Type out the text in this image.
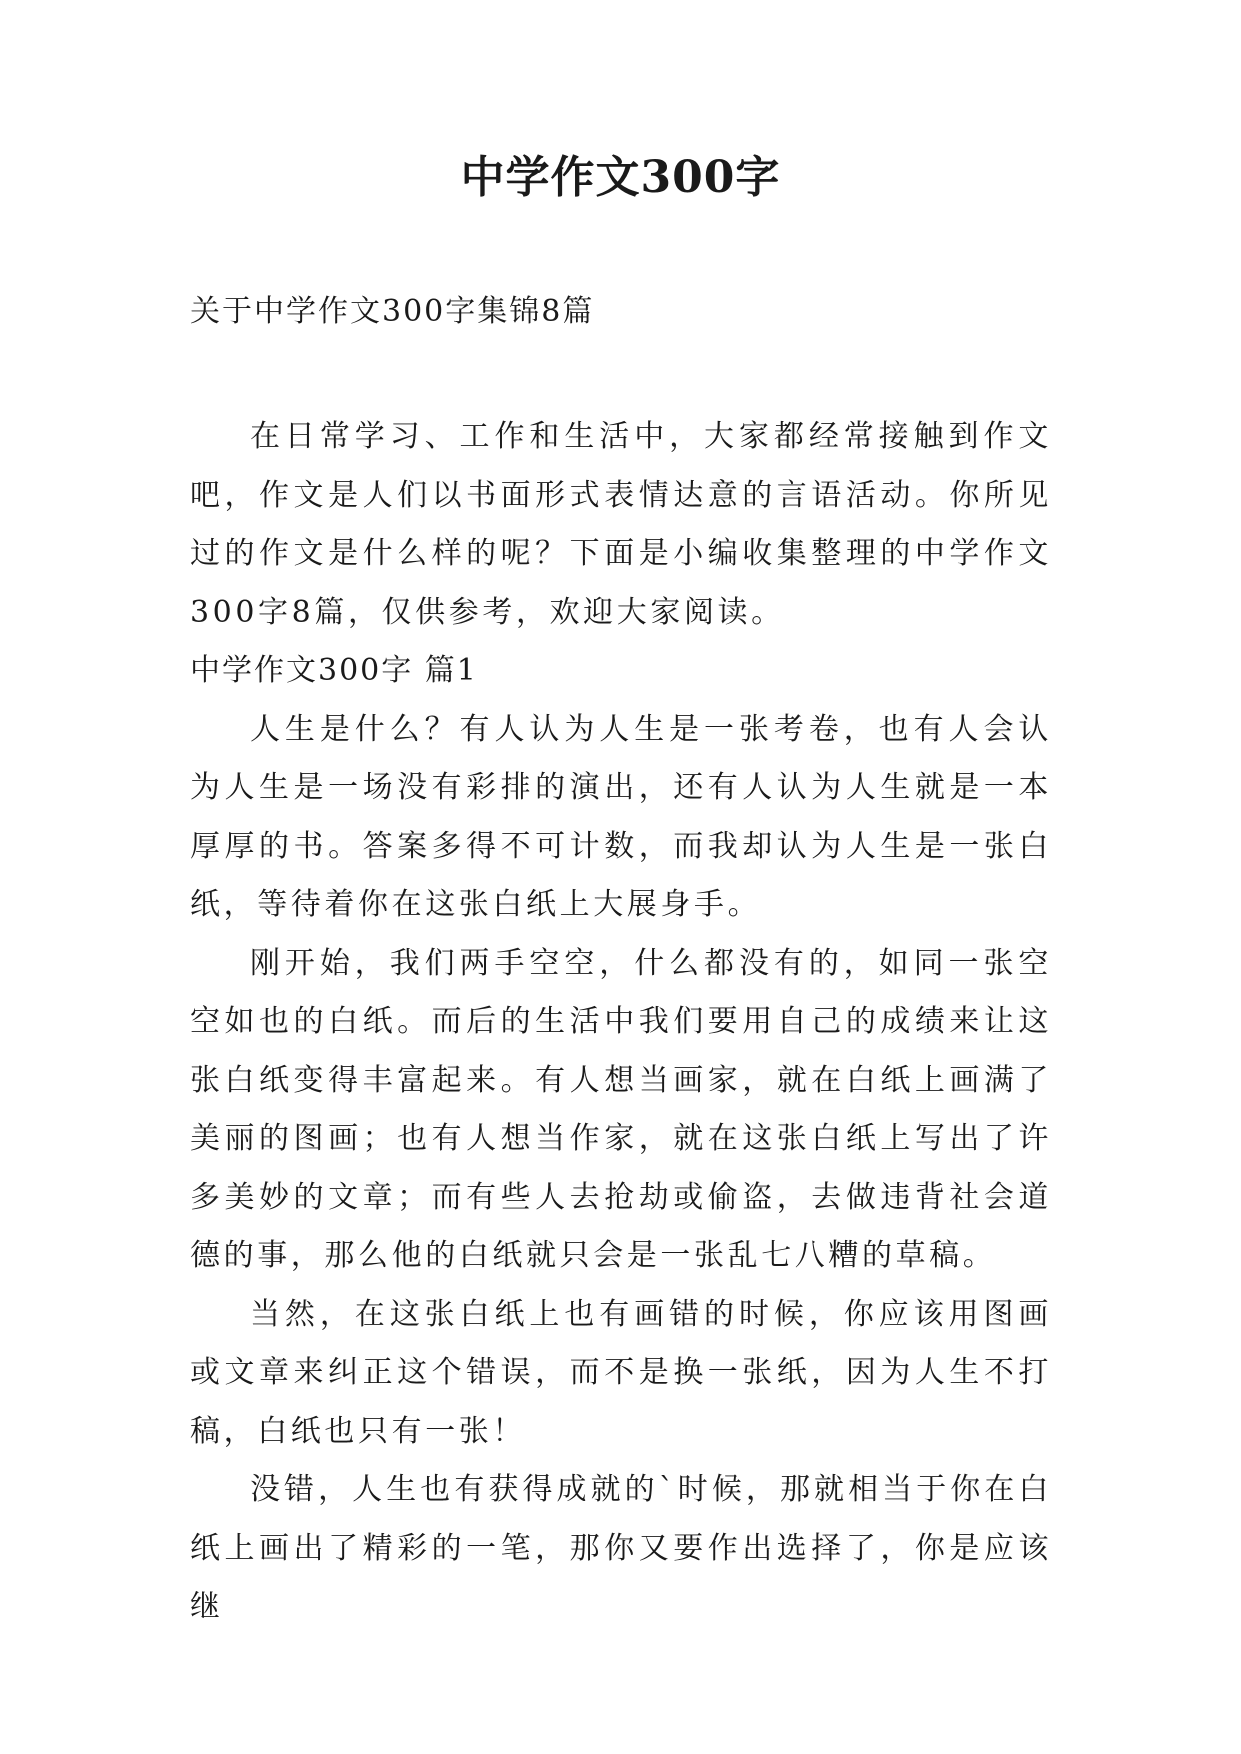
中学作文300字

关于中学作文300字集锦8篇

在日常学习、工作和生活中，大家都经常接触到作文吧，作文是人们以书面形式表情达意的言语活动。你所见过的作文是什么样的呢？下面是小编收集整理的中学作文300字8篇，仅供参考，欢迎大家阅读。

中学作文300字 篇1

人生是什么？有人认为人生是一张考卷，也有人会认为人生是一场没有彩排的演出，还有人认为人生就是一本厚厚的书。答案多得不可计数，而我却认为人生是一张白纸，等待着你在这张白纸上大展身手。

刚开始，我们两手空空，什么都没有的，如同一张空空如也的白纸。而后的生活中我们要用自己的成绩来让这张白纸变得丰富起来。有人想当画家，就在白纸上画满了美丽的图画；也有人想当作家，就在这张白纸上写出了许多美妙的文章；而有些人去抢劫或偷盗，去做违背社会道德的事，那么他的白纸就只会是一张乱七八糟的草稿。

当然，在这张白纸上也有画错的时候，你应该用图画或文章来纠正这个错误，而不是换一张纸，因为人生不打稿，白纸也只有一张！

没错，人生也有获得成就的`时候，那就相当于你在白纸上画出了精彩的一笔，那你又要作出选择了，你是应该继
